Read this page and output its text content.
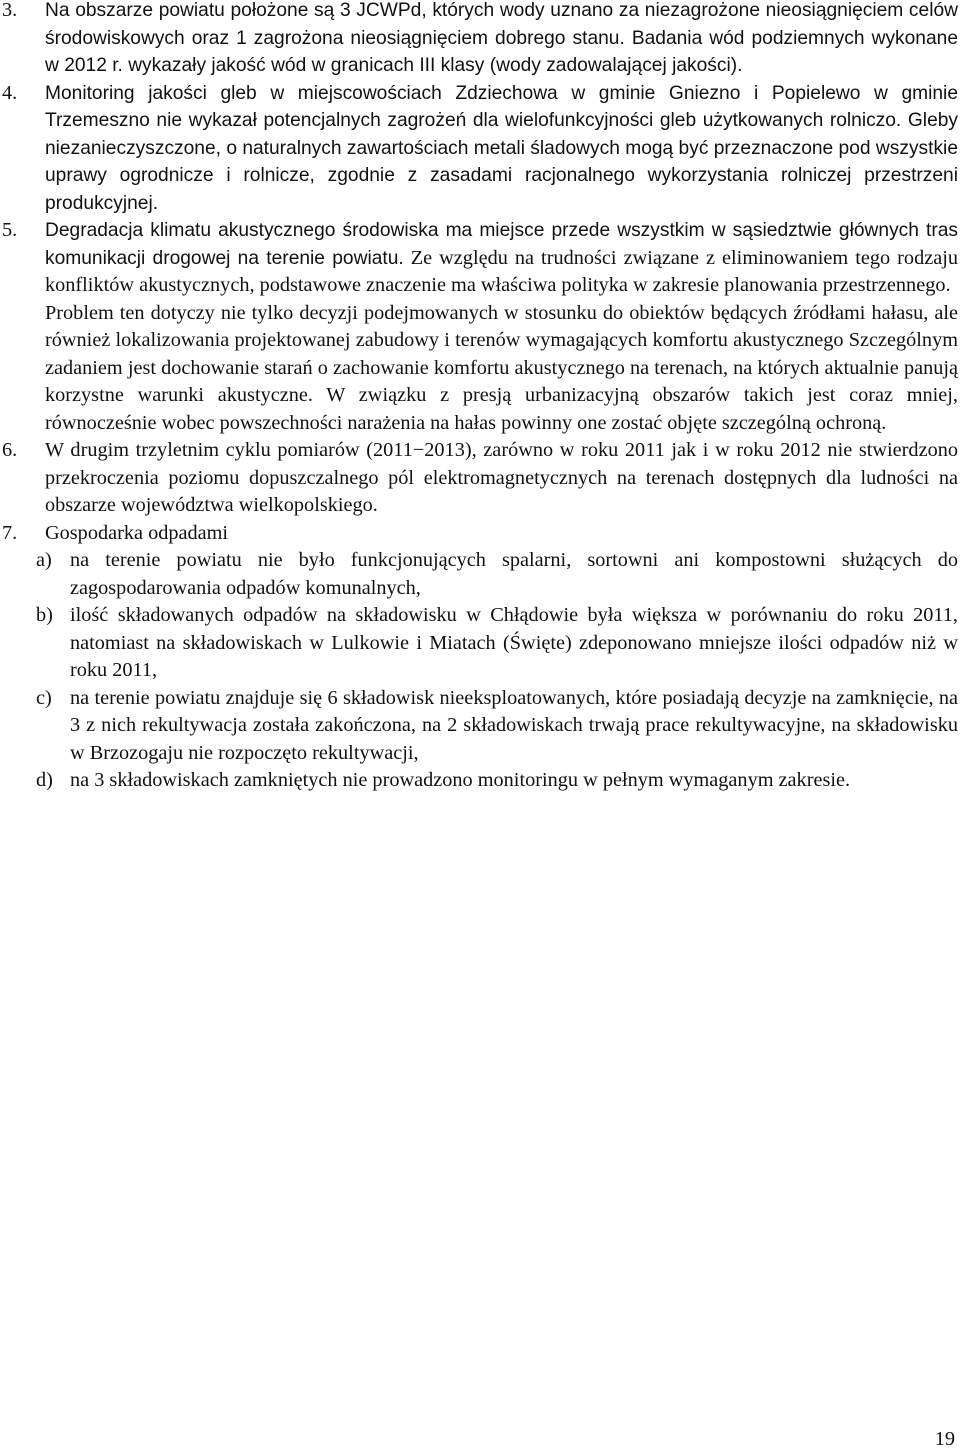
3.	Na obszarze powiatu położone są 3 JCWPd, których wody uznano za niezagrożone nieosiągnięciem celów środowiskowych oraz 1 zagrożona nieosiągnięciem dobrego stanu. Badania wód podziemnych wykonane w 2012 r. wykazały jakość wód w granicach III klasy (wody zadowalającej jakości).
4.	Monitoring jakości gleb w miejscowościach Zdziechowa w gminie Gniezno i Popielewo w gminie Trzemeszno nie wykazał potencjalnych zagrożeń dla wielofunkcyjności gleb użytkowanych rolniczo. Gleby niezanieczyszczone, o naturalnych zawartościach metali śladowych mogą być przeznaczone pod wszystkie uprawy ogrodnicze i rolnicze, zgodnie z zasadami racjonalnego wykorzystania rolniczej przestrzeni produkcyjnej.
5.	Degradacja klimatu akustycznego środowiska ma miejsce przede wszystkim w sąsiedztwie głównych tras komunikacji drogowej na terenie powiatu. Ze względu na trudności związane z eliminowaniem tego rodzaju konfliktów akustycznych, podstawowe znaczenie ma właściwa polityka w zakresie planowania przestrzennego.

Problem ten dotyczy nie tylko decyzji podejmowanych w stosunku do obiektów będących źródłami hałasu, ale również lokalizowania projektowanej zabudowy i terenów wymagających komfortu akustycznego Szczególnym zadaniem jest dochowanie starań o zachowanie komfortu akustycznego na terenach, na których aktualnie panują korzystne warunki akustyczne. W związku z presją urbanizacyjną obszarów takich jest coraz mniej, równocześnie wobec powszechności narażenia na hałas powinny one zostać objęte szczególną ochroną.

6.	W drugim trzyletnim cyklu pomiarów (2011−2013), zarówno w roku 2011 jak i w roku 2012 nie stwierdzono przekroczenia poziomu dopuszczalnego pól elektromagnetycznych na terenach dostępnych dla ludności na obszarze województwa wielkopolskiego.
7.	Gospodarka odpadami
a) na terenie powiatu nie było funkcjonujących spalarni, sortowni ani kompostowni służących do zagospodarowania odpadów komunalnych,
b) ilość składowanych odpadów na składowisku w Chłądowie była większa w porównaniu do roku 2011, natomiast na składowiskach w Lulkowie i Miatach (Święte) zdeponowano mniejsze ilości odpadów niż w roku 2011,
c) na terenie powiatu znajduje się 6 składowisk nieeksploatowanych, które posiadają decyzje na zamknięcie, na 3 z nich rekultywacja została zakończona, na 2 składowiskach trwają prace rekultywacyjne, na składowisku w Brzozogaju nie rozpoczęto rekultywacji,
d) na 3 składowiskach zamkniętych nie prowadzono monitoringu w pełnym wymaganym zakresie.
19
